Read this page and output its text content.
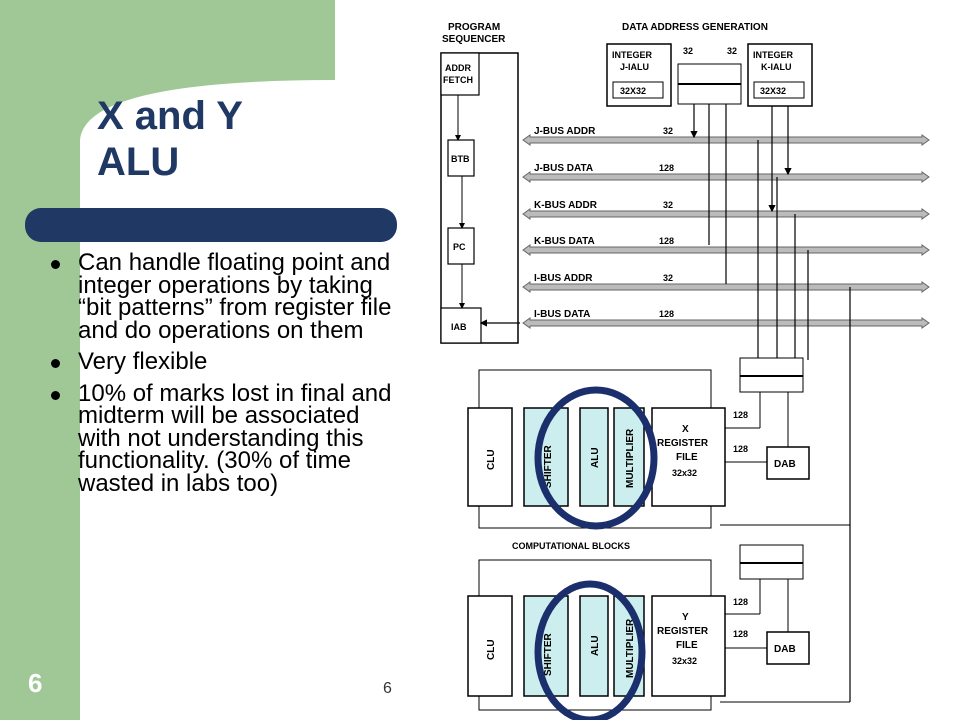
X and Y
ALU
Can handle floating point and integer operations by taking “bit patterns” from register file and do operations on them
Very flexible
10% of marks lost in final and midterm will be associated with not understanding this functionality. (30% of time wasted in labs too)
6	6
PROGRAM SEQUENCER
DATA ADDRESS GENERATION
ADDR FETCH
BTB
PC
IAB
INTEGER J-IALU
32X32
INTEGER K-IALU
32X32
32	32
J-BUS ADDR	32
J-BUS DATA	128
K-BUS ADDR	32
K-BUS DATA	128
I-BUS ADDR	32
I-BUS DATA	128
CLU	SHIFTER	ALU MULTIPLIER	X REGISTER FILE
32x32
DAB
128
128
COMPUTATIONAL BLOCKS
CLU	SHIFTER	ALU MULTIPLIER
Y REGISTER FILE
32x32
DAB
128
128
